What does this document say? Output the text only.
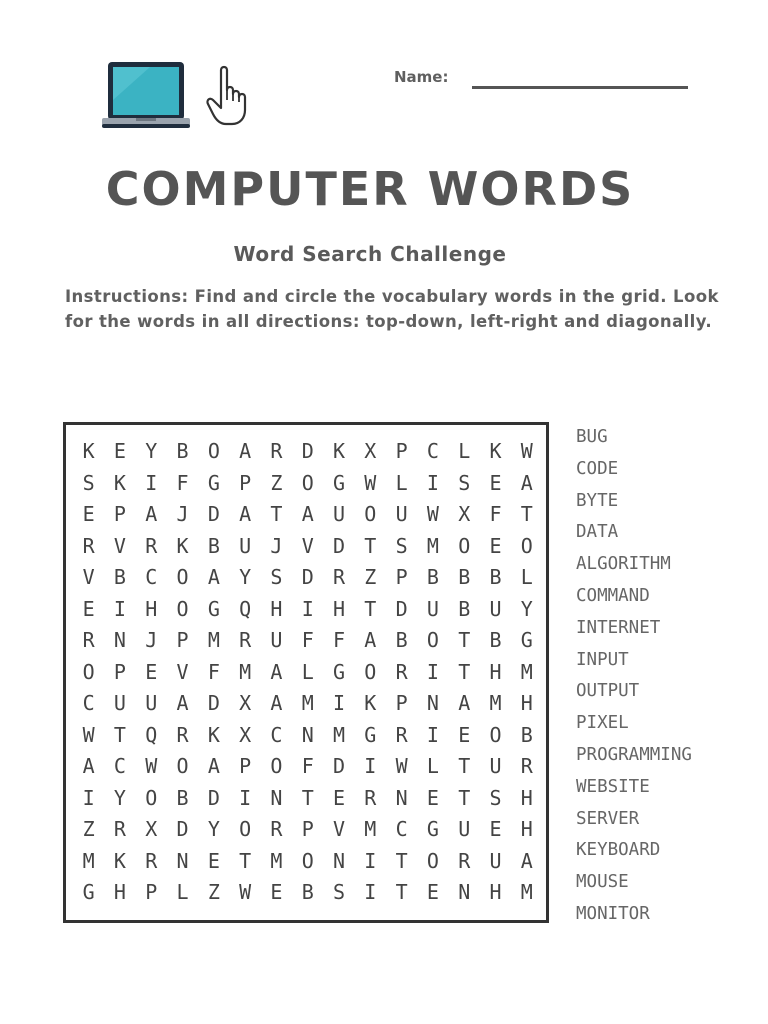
Name:
COMPUTER WORDS
Word Search Challenge
Instructions: Find and circle the vocabulary words in the grid. Look for the words in all directions: top-down, left-right and diagonally.
K E Y B O A R D K X P C L K W
S K I F G P Z O G W L I S E A
E P A J D A T A U O U W X F T
R V R K B U J V D T S M O E O
V B C O A Y S D R Z P B B B L
E I H O G Q H I H T D U B U Y
R N J P M R U F F A B O T B G
O P E V F M A L G O R I T H M
C U U A D X A M I K P N A M H
W T Q R K X C N M G R I E O B
A C W O A P O F D I W L T U R
I Y O B D I N T E R N E T S H
Z R X D Y O R P V M C G U E H
M K R N E T M O N I T O R U A
G H P L Z W E B S I T E N H M
BUG
CODE
BYTE
DATA
ALGORITHM
COMMAND
INTERNET
INPUT
OUTPUT
PIXEL
PROGRAMMING
WEBSITE
SERVER
KEYBOARD
MOUSE
MONITOR
